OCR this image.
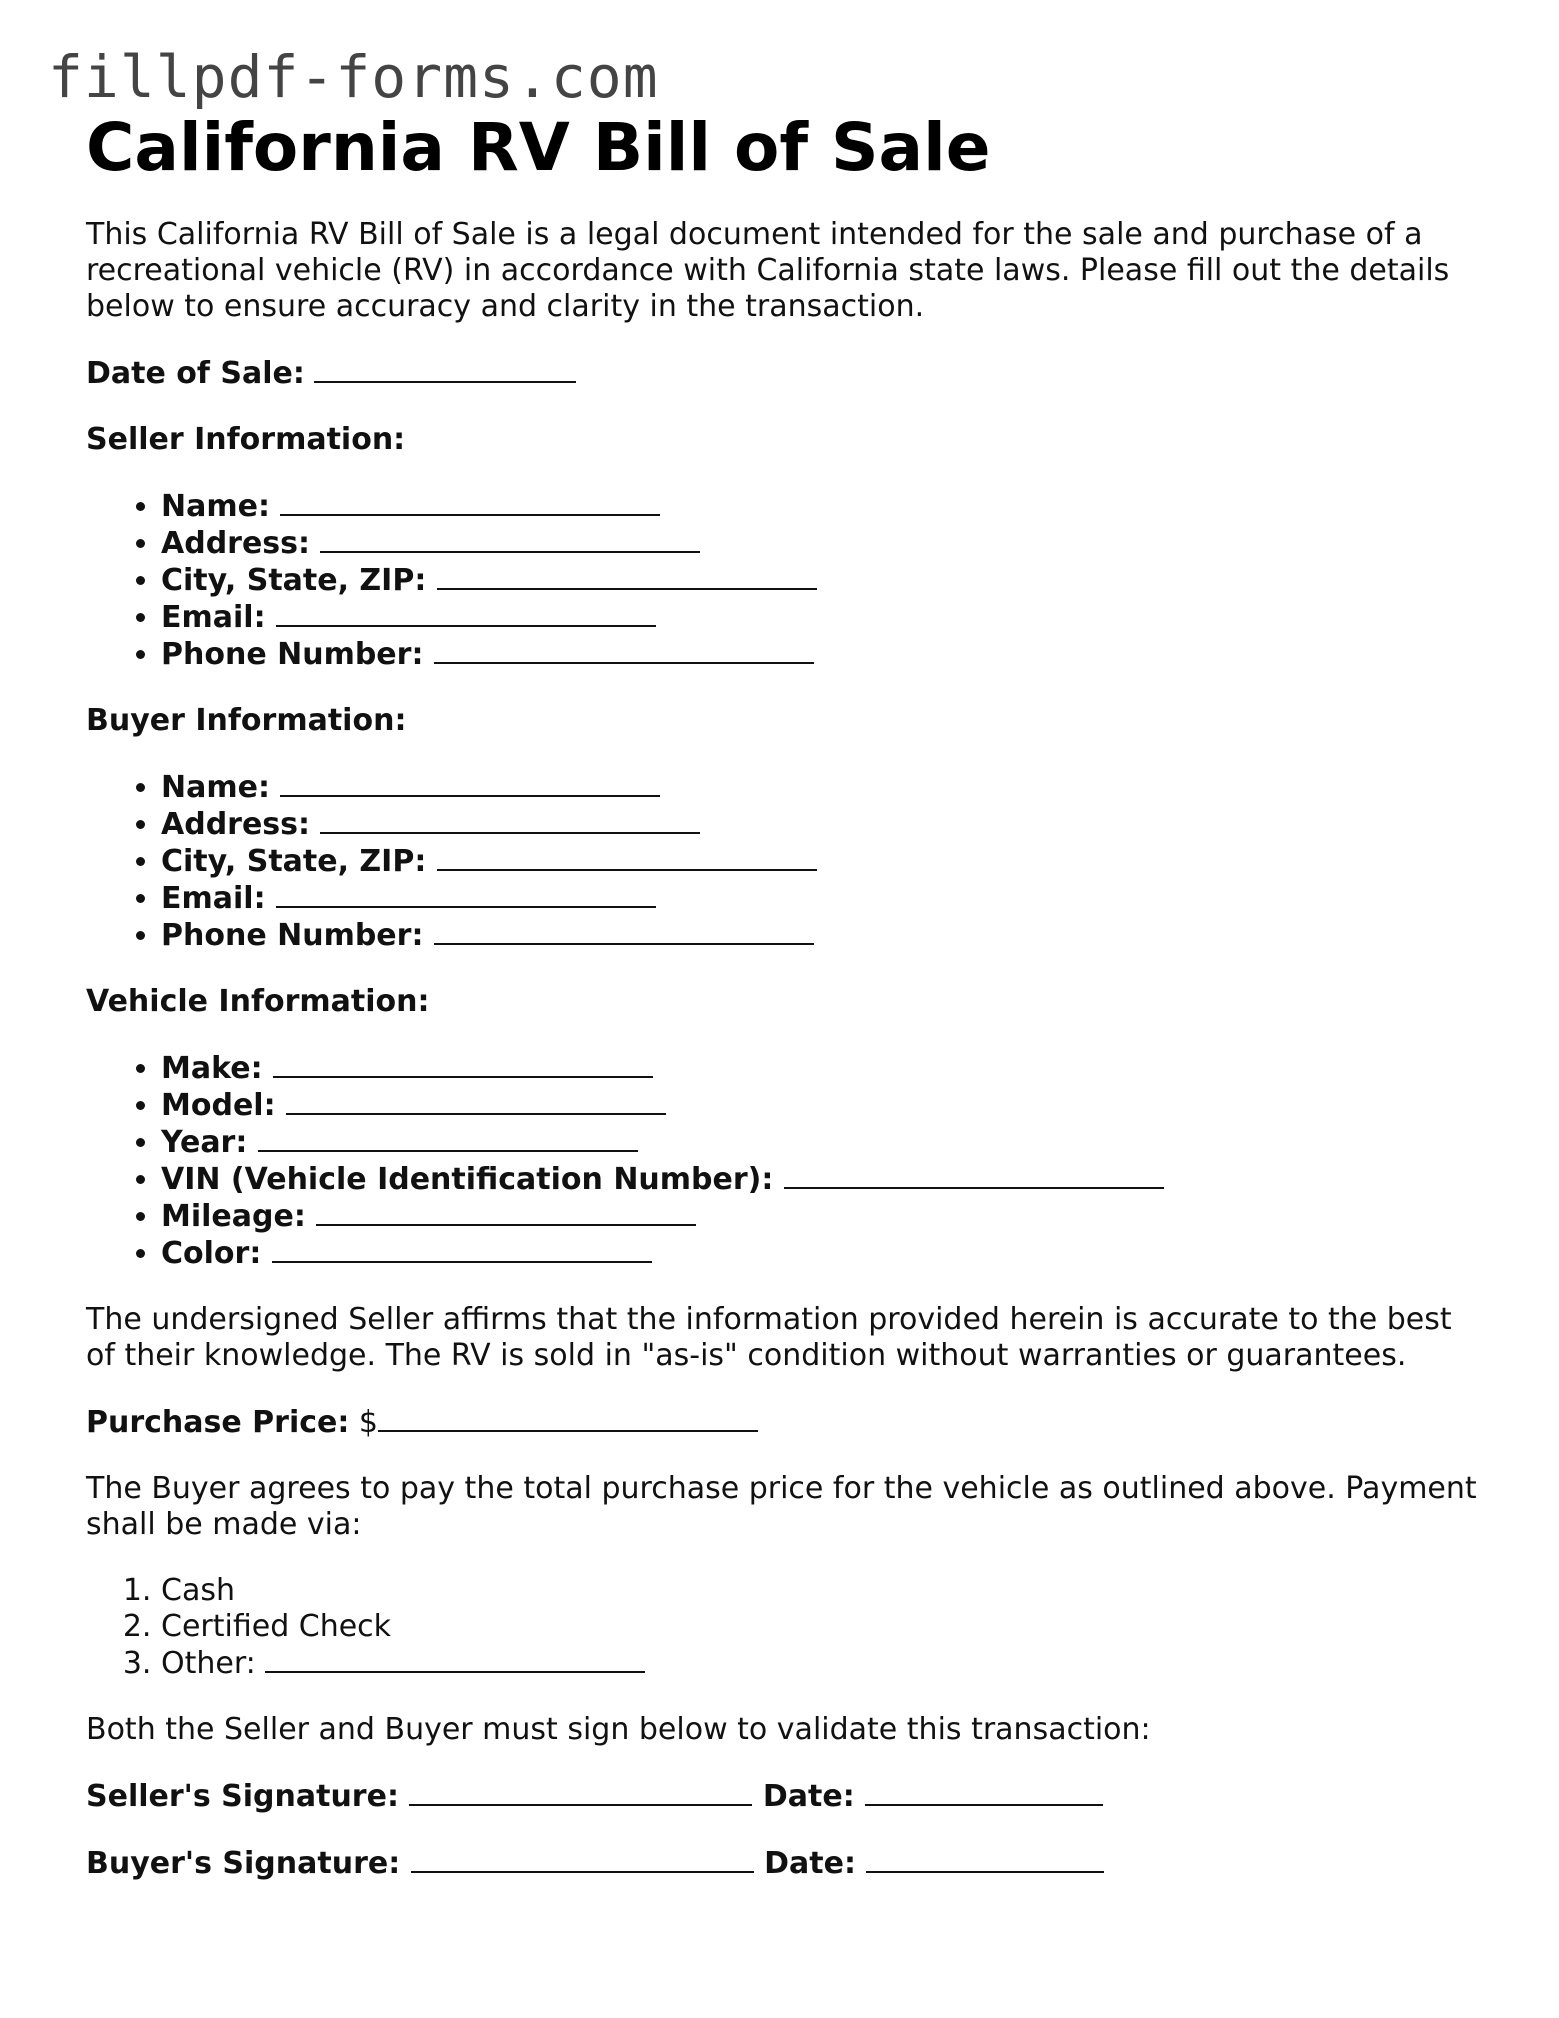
fillpdf-forms.com
California RV Bill of Sale

This California RV Bill of Sale is a legal document intended for the sale and purchase of a recreational vehicle (RV) in accordance with California state laws. Please fill out the details below to ensure accuracy and clarity in the transaction.

Date of Sale:

Seller Information:
• Name:
• Address:
• City, State, ZIP:
• Email:
• Phone Number:
Buyer Information:
• Name:
• Address:
• City, State, ZIP:
• Email:
• Phone Number:
Vehicle Information:
• Make:
• Model:
• Year:
• VIN (Vehicle Identification Number):
• Mileage:
• Color:

The undersigned Seller affirms that the information provided herein is accurate to the best of their knowledge. The RV is sold in "as-is" condition without warranties or guarantees.

Purchase Price: $

The Buyer agrees to pay the total purchase price for the vehicle as outlined above. Payment shall be made via:

1. Cash
2. Certified Check
3. Other:

Both the Seller and Buyer must sign below to validate this transaction:

Seller's Signature:	Date:
Buyer's Signature:	Date:
